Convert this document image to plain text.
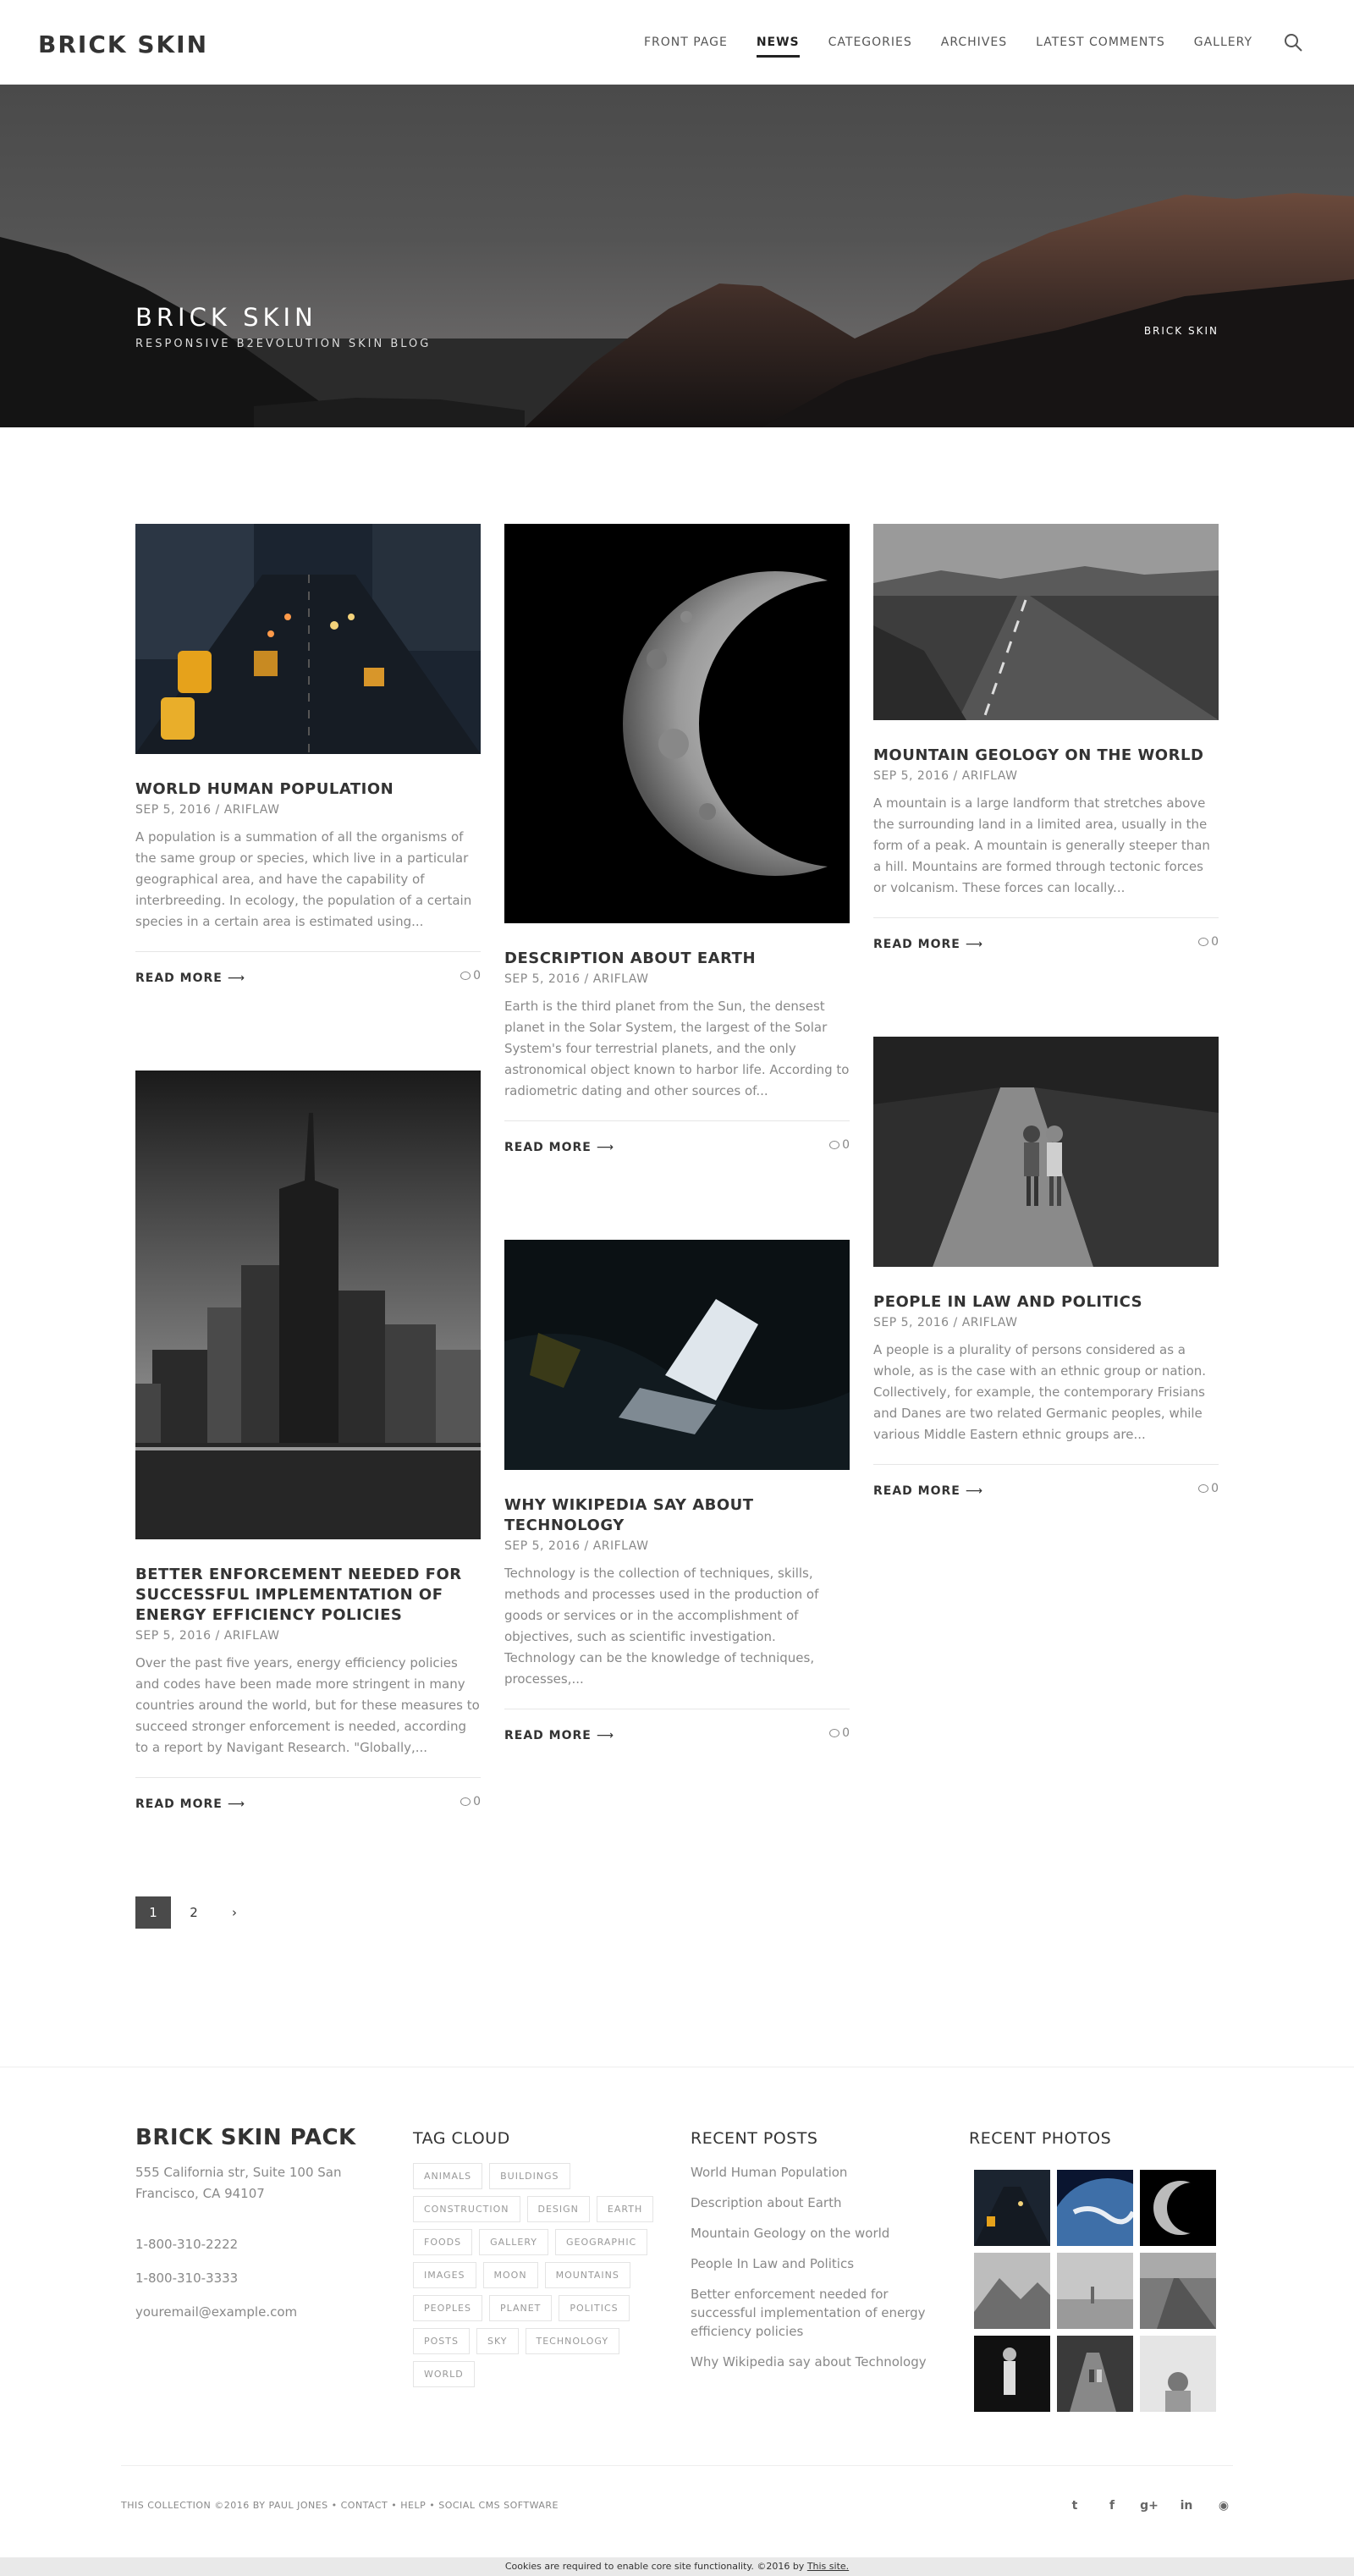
BRICK SKIN	FRONT PAGE NEWS CATEGORIES ARCHIVES LATEST COMMENTS GALLERY
BRICK SKIN
RESPONSIVE B2EVOLUTION SKIN BLOG
BRICK SKIN
WORLD HUMAN POPULATION
SEP 5, 2016 / ARIFLAW
A population is a summation of all the organisms of the same group or species, which live in a particular geographical area, and have the capability of interbreeding. In ecology, the population of a certain species in a certain area is estimated using...
READ MORE ⟶	0
DESCRIPTION ABOUT EARTH
SEP 5, 2016 / ARIFLAW
Earth is the third planet from the Sun, the densest planet in the Solar System, the largest of the Solar System's four terrestrial planets, and the only astronomical object known to harbor life. According to radiometric dating and other sources of...
READ MORE ⟶	0
MOUNTAIN GEOLOGY ON THE WORLD
SEP 5, 2016 / ARIFLAW
A mountain is a large landform that stretches above the surrounding land in a limited area, usually in the form of a peak. A mountain is generally steeper than a hill. Mountains are formed through tectonic forces or volcanism. These forces can locally...
READ MORE ⟶	0
BETTER ENFORCEMENT NEEDED FOR SUCCESSFUL IMPLEMENTATION OF ENERGY EFFICIENCY POLICIES
SEP 5, 2016 / ARIFLAW
Over the past five years, energy efficiency policies and codes have been made more stringent in many countries around the world, but for these measures to succeed stronger enforcement is needed, according to a report by Navigant Research. "Globally,...
READ MORE ⟶	0
WHY WIKIPEDIA SAY ABOUT TECHNOLOGY
SEP 5, 2016 / ARIFLAW
Technology is the collection of techniques, skills, methods and processes used in the production of goods or services or in the accomplishment of objectives, such as scientific investigation. Technology can be the knowledge of techniques, processes,...
READ MORE ⟶	0
PEOPLE IN LAW AND POLITICS
SEP 5, 2016 / ARIFLAW
A people is a plurality of persons considered as a whole, as is the case with an ethnic group or nation. Collectively, for example, the contemporary Frisians and Danes are two related Germanic peoples, while various Middle Eastern ethnic groups are...
READ MORE ⟶	0
1	2	›
BRICK SKIN PACK
555 California str, Suite 100 San Francisco, CA 94107
1-800-310-2222
1-800-310-3333
youremail@example.com
TAG CLOUD
ANIMALS	BUILDINGS
CONSTRUCTION	DESIGN	EARTH
FOODS	GALLERY	GEOGRAPHIC
IMAGES	MOON	MOUNTAINS
PEOPLES	PLANET	POLITICS
POSTS	SKY	TECHNOLOGY
WORLD
RECENT POSTS
World Human Population
Description about Earth
Mountain Geology on the world
People In Law and Politics
Better enforcement needed for successful implementation of energy efficiency policies
Why Wikipedia say about Technology
RECENT PHOTOS
THIS COLLECTION ©2016 BY PAUL JONES • CONTACT • HELP • SOCIAL CMS SOFTWARE	t	f	g+ in	◉
Cookies are required to enable core site functionality. ©2016 by This site.
